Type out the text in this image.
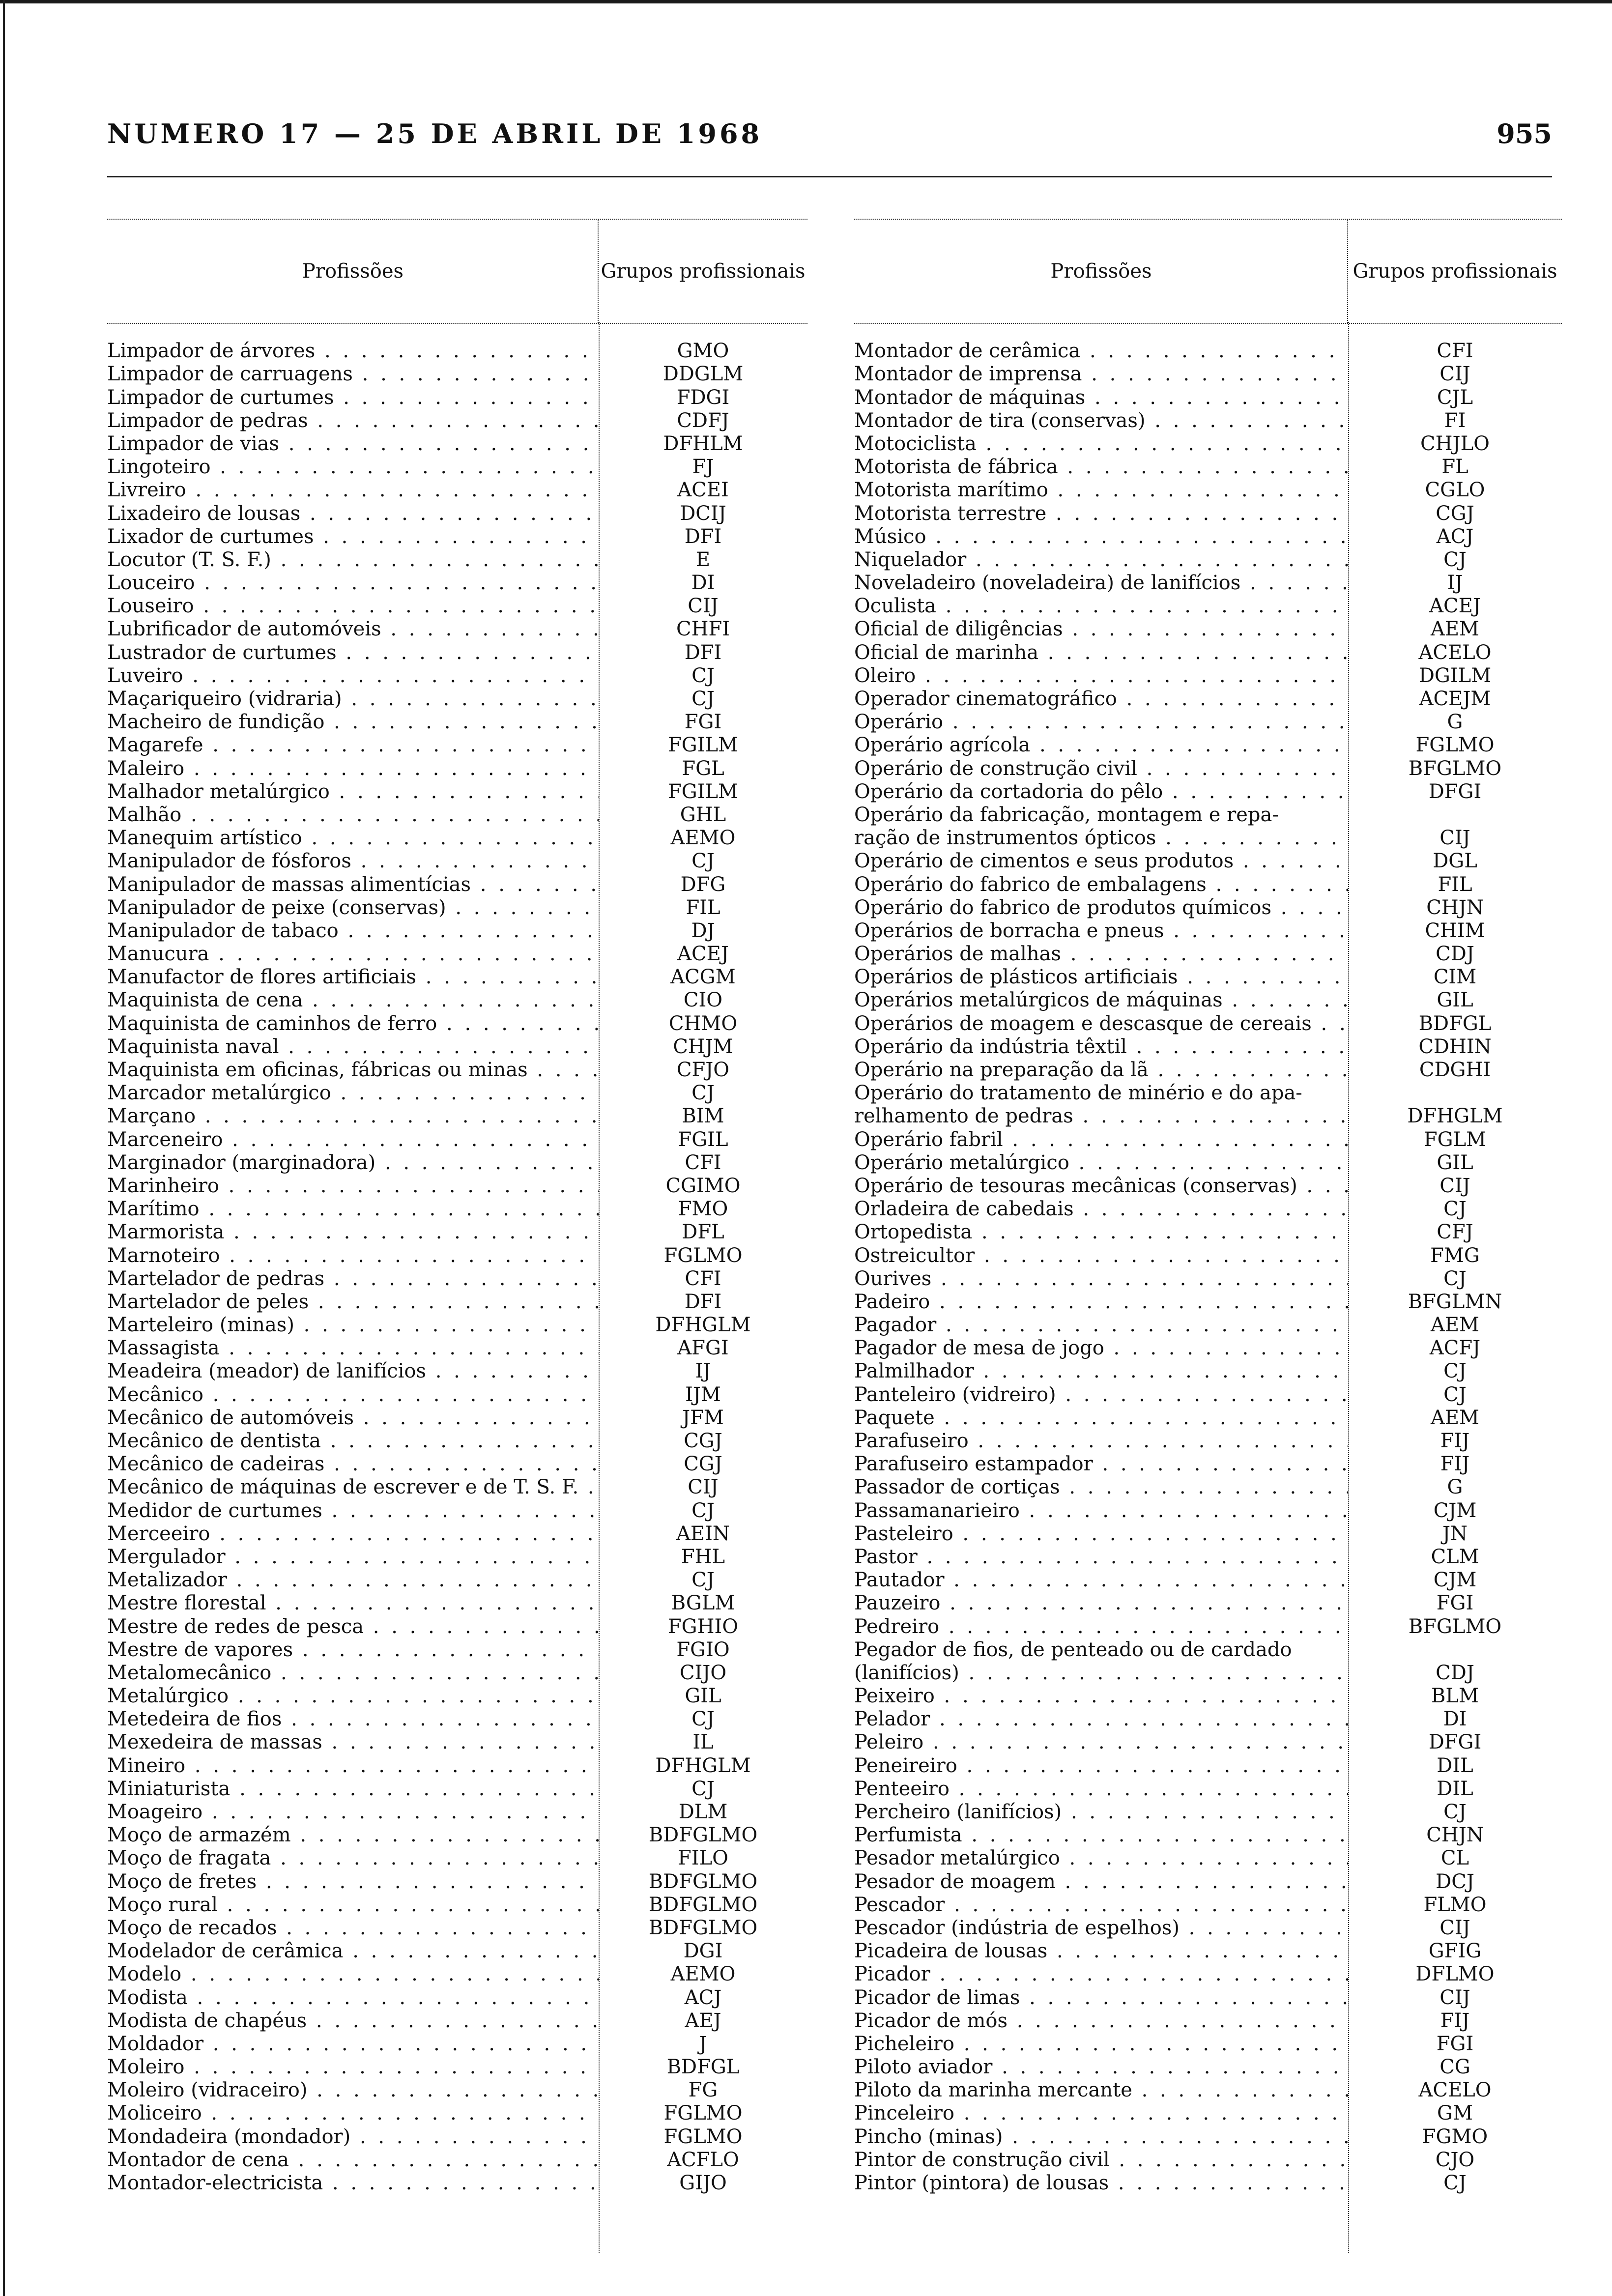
NUMERO 17 — 25 DE ABRIL DE 1968	955
Profissões	Grupos profissionais
Limpador de árvores . . .	GMO
Limpador de carruagens . . .	DDGLM
Limpador de curtumes . . .	FDGI
Limpador de pedras . . .	CDFJ
Limpador de vias . . .	DFHLM
Lingoteiro . . .	FJ
Livreiro . . .	ACEI
Lixadeiro de lousas . . .	DCIJ
Lixador de curtumes . . .	DFI
Locutor (T. S. F.) . . .	E
Louceiro . . .	DI
Louseiro . . .	CIJ
Lubrificador de automóveis . . .	CHFI
Lustrador de curtumes . . .	DFI
Luveiro . . .	CJ
Maçariqueiro (vidraria) . . .	CJ
Macheiro de fundição . . .	FGI
Magarefe . . .	FGILM
Maleiro . . .	FGL
Malhador metalúrgico . . .	FGILM
Malhão . . .	GHL
Manequim artístico . . .	AEMO
Manipulador de fósforos . . .	CJ
Manipulador de massas alimentícias . . .	DFG
Manipulador de peixe (conservas) . . .	FIL
Manipulador de tabaco . . .	DJ
Manucura . . .	ACEJ
Manufactor de flores artificiais . . .	ACGM
Maquinista de cena . . .	CIO
Maquinista de caminhos de ferro . . .	CHMO
Maquinista naval . . .	CHJM
Maquinista em oficinas, fábricas ou minas . . .	CFJO
Marcador metalúrgico . . .	CJ
Marçano . . .	BIM
Marceneiro . . .	FGIL
Marginador (marginadora) . . .	CFI
Marinheiro . . .	CGIMO
Marítimo . . .	FMO
Marmorista . . .	DFL
Marnoteiro . . .	FGLMO
Martelador de pedras . . .	CFI
Martelador de peles . . .	DFI
Marteleiro (minas) . . .	DFHGLM
Massagista . . .	AFGI
Meadeira (meador) de lanifícios . . .	IJ
Mecânico . . .	IJM
Mecânico de automóveis . . .	JFM
Mecânico de dentista . . .	CGJ
Mecânico de cadeiras . . .	CGJ
Mecânico de máquinas de escrever e de T. S. F. . . .	CIJ
Medidor de curtumes . . .	CJ
Merceeiro . . .	AEIN
Mergulador . . .	FHL
Metalizador . . .	CJ
Mestre florestal . . .	BGLM
Mestre de redes de pesca . . .	FGHIO
Mestre de vapores . . .	FGIO
Metalomecânico . . .	CIJO
Metalúrgico . . .	GIL
Metedeira de fios . . .	CJ
Mexedeira de massas . . .	IL
Mineiro . . .	DFHGLM
Miniaturista . . .	CJ
Moageiro . . .	DLM
Moço de armazém . . .	BDFGLMO
Moço de fragata . . .	FILO
Moço de fretes . . .	BDFGLMO
Moço rural . . .	BDFGLMO
Moço de recados . . .	BDFGLMO
Modelador de cerâmica . . .	DGI
Modelo . . .	AEMO
Modista . . .	ACJ
Modista de chapéus . . .	AEJ
Moldador . . .	J
Moleiro . . .	BDFGL
Moleiro (vidraceiro) . . .	FG
Moliceiro . . .	FGLMO
Mondadeira (mondador) . . .	FGLMO
Montador de cena . . .	ACFLO
Montador-electricista . . .	GIJO
Profissões	Grupos profissionais
Montador de cerâmica . . .	CFI
Montador de imprensa . . .	CIJ
Montador de máquinas . . .	CJL
Montador de tira (conservas) . . .	FI
Motociclista . . .	CHJLO
Motorista de fábrica . . .	FL
Motorista marítimo . . .	CGLO
Motorista terrestre . . .	CGJ
Músico . . .	ACJ
Niquelador . . .	CJ
Noveladeiro (noveladeira) de lanifícios . . .	IJ
Oculista . . .	ACEJ
Oficial de diligências . . .	AEM
Oficial de marinha . . .	ACELO
Oleiro . . .	DGILM
Operador cinematográfico . . .	ACEJM
Operário . . .	G
Operário agrícola . . .	FGLMO
Operário de construção civil . . .	BFGLMO
Operário da cortadoria do pêlo . . .	DFGI
Operário da fabricação, montagem e repa-
ração de instrumentos ópticos . . .	CIJ
Operário de cimentos e seus produtos . . .	DGL
Operário do fabrico de embalagens . . .	FIL
Operário do fabrico de produtos químicos . . .	CHJN
Operários de borracha e pneus . . .	CHIM
Operários de malhas . . .	CDJ
Operários de plásticos artificiais . . .	CIM
Operários metalúrgicos de máquinas . . .	GIL
Operários de moagem e descasque de cereais . . .	BDFGL
Operário da indústria têxtil . . .	CDHIN
Operário na preparação da lã . . .	CDGHI
Operário do tratamento de minério e do apa-
relhamento de pedras . . .	DFHGLM
Operário fabril . . .	FGLM
Operário metalúrgico . . .	GIL
Operário de tesouras mecânicas (conservas) . . .	CIJ
Orladeira de cabedais . . .	CJ
Ortopedista . . .	CFJ
Ostreicultor . . .	FMG
Ourives . . .	CJ
Padeiro . . .	BFGLMN
Pagador . . .	AEM
Pagador de mesa de jogo . . .	ACFJ
Palmilhador . . .	CJ
Panteleiro (vidreiro) . . .	CJ
Paquete . . .	AEM
Parafuseiro . . .	FIJ
Parafuseiro estampador . . .	FIJ
Passador de cortiças . . .	G
Passamanarieiro . . .	CJM
Pasteleiro . . .	JN
Pastor . . .	CLM
Pautador . . .	CJM
Pauzeiro . . .	FGI
Pedreiro . . .	BFGLMO
Pegador de fios, de penteado ou de cardado
(lanifícios) . . .	CDJ
Peixeiro . . .	BLM
Pelador . . .	DI
Peleiro . . .	DFGI
Peneireiro . . .	DIL
Penteeiro . . .	DIL
Percheiro (lanifícios) . . .	CJ
Perfumista . . .	CHJN
Pesador metalúrgico . . .	CL
Pesador de moagem . . .	DCJ
Pescador . . .	FLMO
Pescador (indústria de espelhos) . . .	CIJ
Picadeira de lousas . . .	GFIG
Picador . . .	DFLMO
Picador de limas . . .	CIJ
Picador de mós . . .	FIJ
Picheleiro . . .	FGI
Piloto aviador . . .	CG
Piloto da marinha mercante . . .	ACELO
Pinceleiro . . .	GM
Pincho (minas) . . .	FGMO
Pintor de construção civil . . .	CJO
Pintor (pintora) de lousas . . .	CJ
